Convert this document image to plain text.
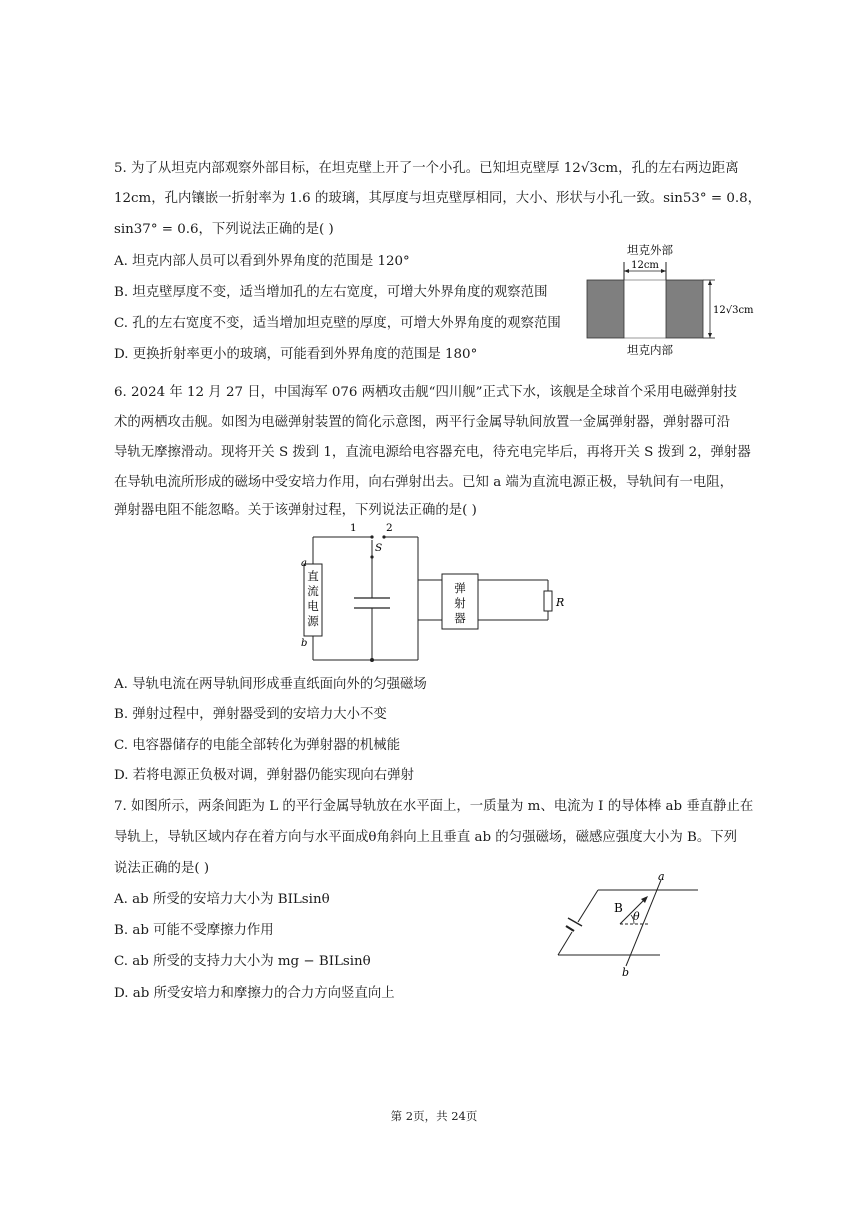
5. 为了从坦克内部观察外部目标，在坦克壁上开了一个小孔。已知坦克壁厚 12√3cm，孔的左右两边距离
12cm，孔内镶嵌一折射率为 1.6 的玻璃，其厚度与坦克壁厚相同，大小、形状与小孔一致。sin53° = 0.8，
sin37° = 0.6，下列说法正确的是( )
A. 坦克内部人员可以看到外界角度的范围是 120°
B. 坦克壁厚度不变，适当增加孔的左右宽度，可增大外界角度的观察范围
C. 孔的左右宽度不变，适当增加坦克壁的厚度，可增大外界角度的观察范围
D. 更换折射率更小的玻璃，可能看到外界角度的范围是 180°
坦克外部
12cm
12√3cm
坦克内部
6. 2024 年 12 月 27 日，中国海军 076 两栖攻击舰“四川舰”正式下水，该舰是全球首个采用电磁弹射技
术的两栖攻击舰。如图为电磁弹射装置的简化示意图，两平行金属导轨间放置一金属弹射器，弹射器可沿
导轨无摩擦滑动。现将开关 S 拨到 1，直流电源给电容器充电，待充电完毕后，再将开关 S 拨到 2，弹射器
在导轨电流所形成的磁场中受安培力作用，向右弹射出去。已知 a 端为直流电源正极，导轨间有一电阻，
弹射器电阻不能忽略。关于该弹射过程，下列说法正确的是( )
直流电源
a
b
1	2
S
弹射器
R
A. 导轨电流在两导轨间形成垂直纸面向外的匀强磁场
B. 弹射过程中，弹射器受到的安培力大小不变
C. 电容器储存的电能全部转化为弹射器的机械能
D. 若将电源正负极对调，弹射器仍能实现向右弹射
7. 如图所示，两条间距为 L 的平行金属导轨放在水平面上，一质量为 m、电流为 I 的导体棒 ab 垂直静止在
导轨上，导轨区域内存在着方向与水平面成θ角斜向上且垂直 ab 的匀强磁场，磁感应强度大小为 B。下列
说法正确的是( )
A. ab 所受的安培力大小为 BILsinθ
B. ab 可能不受摩擦力作用
C. ab 所受的支持力大小为 mg − BILsinθ
D. ab 所受安培力和摩擦力的合力方向竖直向上
a
b
B
θ
第 2页，共 24页
